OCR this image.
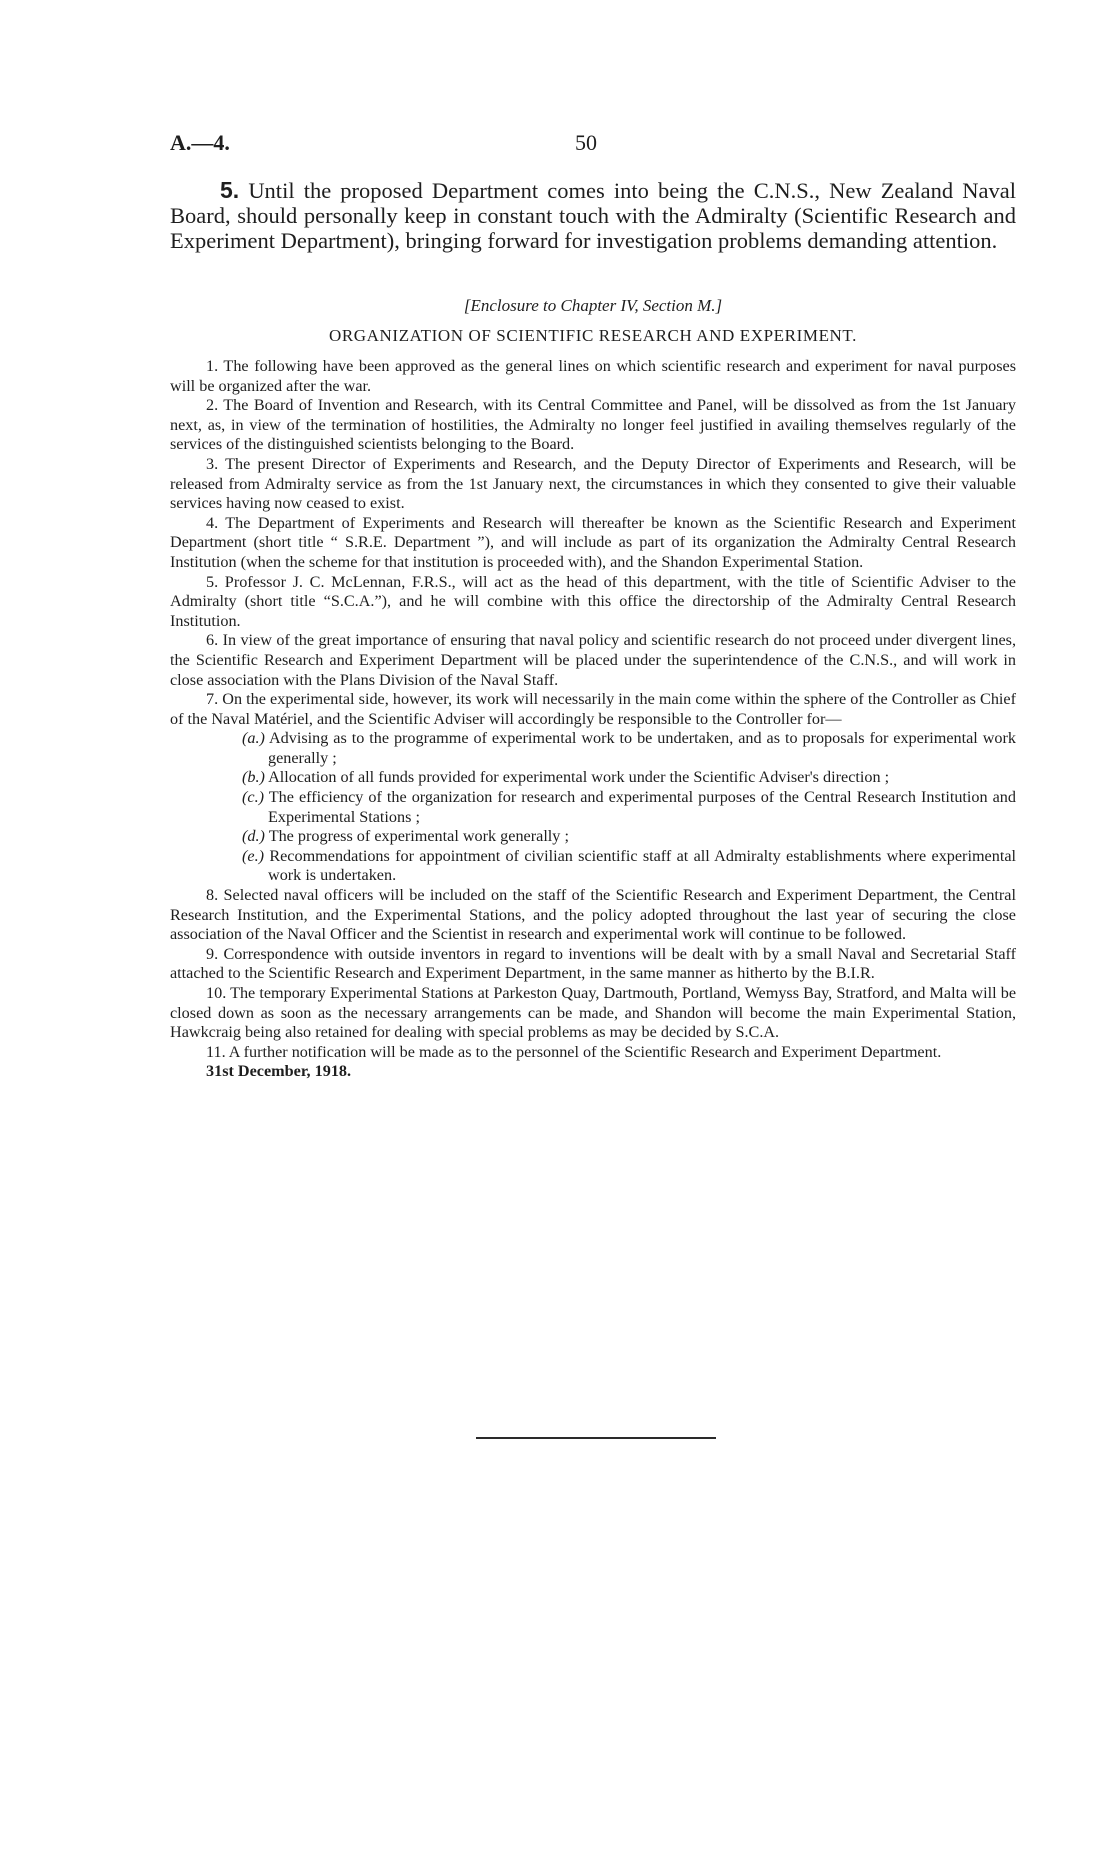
A.—4.	50

5. Until the proposed Department comes into being the C.N.S., New Zealand Naval Board, should personally keep in constant touch with the Admiralty (Scientific Research and Experiment Department), bringing forward for investigation problems demanding attention.

[Enclosure to Chapter IV, Section M.]

ORGANIZATION OF SCIENTIFIC RESEARCH AND EXPERIMENT.

1. The following have been approved as the general lines on which scientific research and experiment for naval purposes will be organized after the war.

2. The Board of Invention and Research, with its Central Committee and Panel, will be dissolved as from the 1st January next, as, in view of the termination of hostilities, the Admiralty no longer feel justified in availing themselves regularly of the services of the distinguished scientists belonging to the Board.

3. The present Director of Experiments and Research, and the Deputy Director of Experiments and Research, will be released from Admiralty service as from the 1st January next, the circumstances in which they consented to give their valuable services having now ceased to exist.

4. The Department of Experiments and Research will thereafter be known as the Scientific Research and Experiment Department (short title “ S.R.E. Department ”), and will include as part of its organization the Admiralty Central Research Institution (when the scheme for that institution is proceeded with), and the Shandon Experimental Station.

5. Professor J. C. McLennan, F.R.S., will act as the head of this department, with the title of Scientific Adviser to the Admiralty (short title “S.C.A.”), and he will combine with this office the directorship of the Admiralty Central Research Institution.

6. In view of the great importance of ensuring that naval policy and scientific research do not proceed under divergent lines, the Scientific Research and Experiment Department will be placed under the superintendence of the C.N.S., and will work in close association with the Plans Division of the Naval Staff.

7. On the experimental side, however, its work will necessarily in the main come within the sphere of the Controller as Chief of the Naval Matériel, and the Scientific Adviser will accordingly be responsible to the Controller for—

(a.) Advising as to the programme of experimental work to be undertaken, and as to proposals for experimental work generally ;
(b.) Allocation of all funds provided for experimental work under the Scientific Adviser's direction ;
(c.) The efficiency of the organization for research and experimental purposes of the Central Research Institution and Experimental Stations ;
(d.) The progress of experimental work generally ;
(e.) Recommendations for appointment of civilian scientific staff at all Admiralty establishments where experimental work is undertaken.

8. Selected naval officers will be included on the staff of the Scientific Research and Experiment Department, the Central Research Institution, and the Experimental Stations, and the policy adopted throughout the last year of securing the close association of the Naval Officer and the Scientist in research and experimental work will continue to be followed.

9. Correspondence with outside inventors in regard to inventions will be dealt with by a small Naval and Secretarial Staff attached to the Scientific Research and Experiment Department, in the same manner as hitherto by the B.I.R.

10. The temporary Experimental Stations at Parkeston Quay, Dartmouth, Portland, Wemyss Bay, Stratford, and Malta will be closed down as soon as the necessary arrangements can be made, and Shandon will become the main Experimental Station, Hawkcraig being also retained for dealing with special problems as may be decided by S.C.A.

11. A further notification will be made as to the personnel of the Scientific Research and Experiment Department.

31st December, 1918.
